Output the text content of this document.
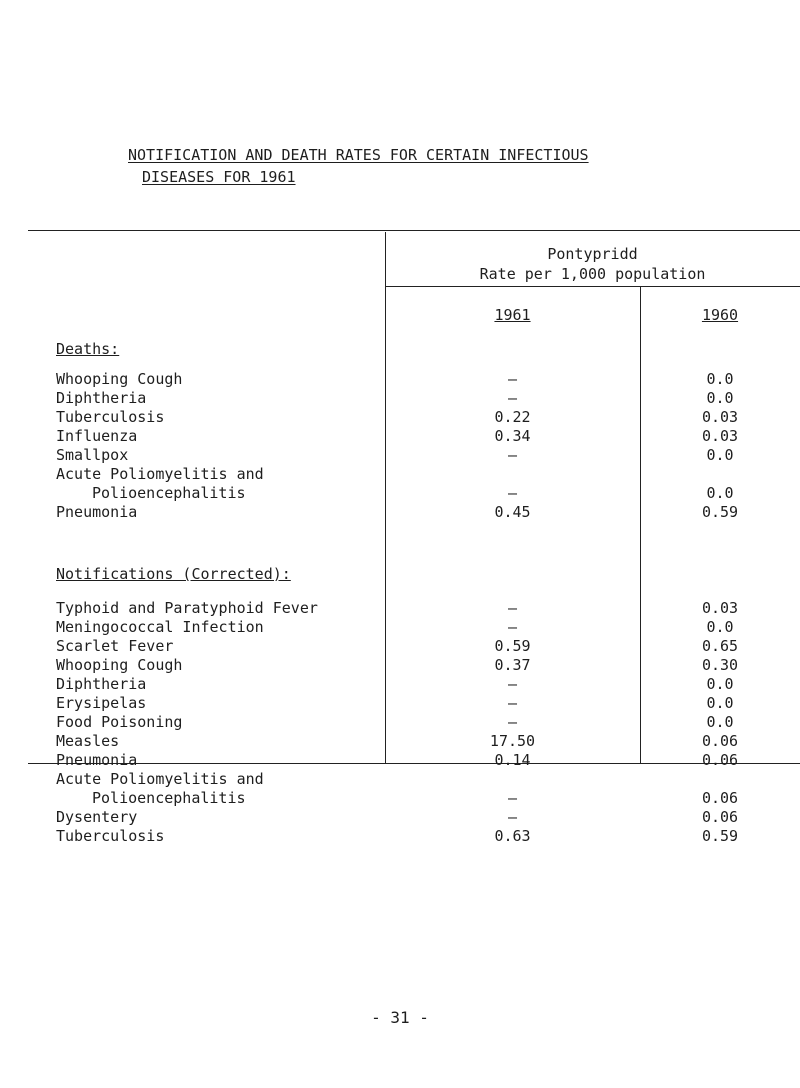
NOTIFICATION AND DEATH RATES FOR CERTAIN INFECTIOUS
DISEASES FOR 1961
Pontypridd
Rate per 1,000 population
1961	1960
Deaths:
Whooping Cough	–	0.0
Diphtheria	–	0.0
Tuberculosis	0.22	0.03
Influenza	0.34	0.03
Smallpox	–	0.0
Acute Poliomyelitis and
Polioencephalitis	–	0.0
Pneumonia	0.45	0.59
Notifications (Corrected):
Typhoid and Paratyphoid Fever	–	0.03
Meningococcal Infection	–	0.0
Scarlet Fever	0.59	0.65
Whooping Cough	0.37	0.30
Diphtheria	–	0.0
Erysipelas	–	0.0
Food Poisoning	–	0.0
Measles	17.50	0.06
Pneumonia	0.14	0.06
Acute Poliomyelitis and
Polioencephalitis	–	0.06
Dysentery	–	0.06
Tuberculosis	0.63	0.59
- 31 -
